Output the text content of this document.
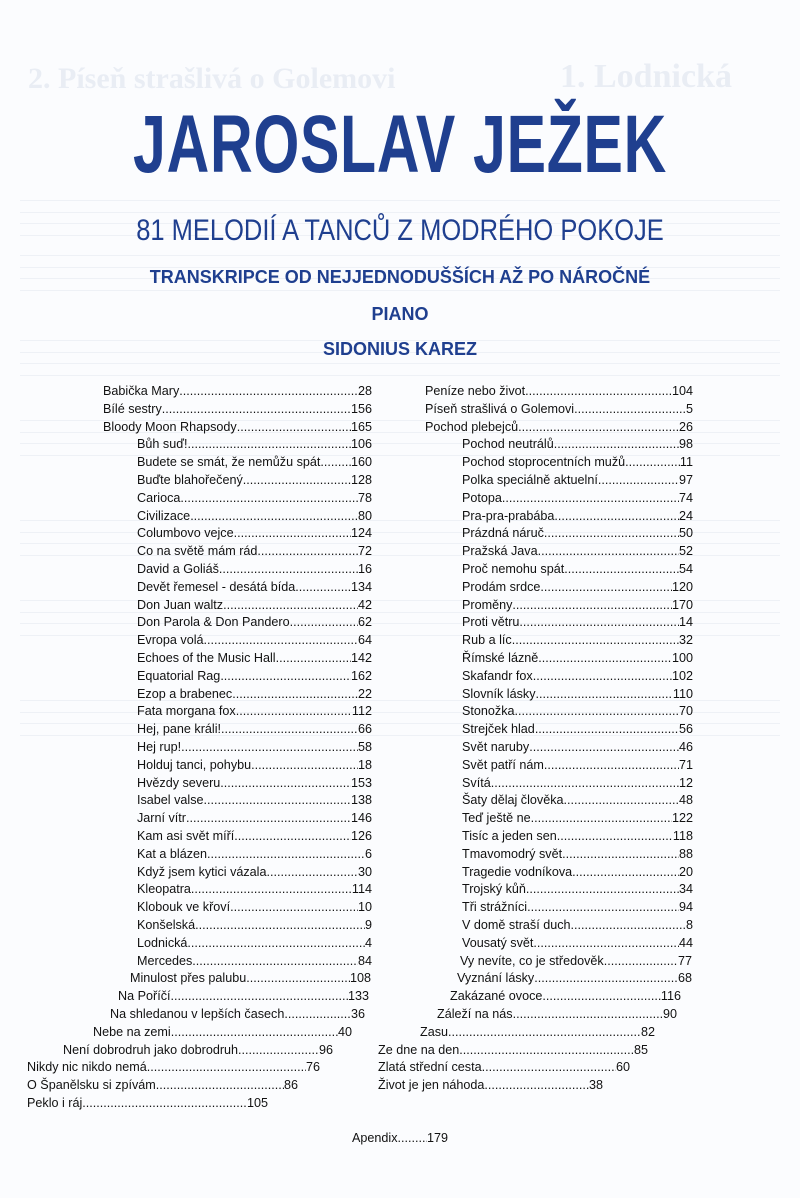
2. Píseň strašlivá o Golemovi	1. Lodnická
JAROSLAV JEŽEK
81 MELODIÍ A TANCŮ Z MODRÉHO POKOJE
TRANSKRIPCE OD NEJJEDNODUŠŠÍCH AŽ PO NÁROČNÉ
PIANO
SIDONIUS KAREZ
Babička Mary .....	28
Bílé sestry .....	156
Bloody Moon Rhapsody .....	165
Bůh suď! .....	106
Budete se smát, že nemůžu spát ..... 160
Buďte blahořečený .....	128
Carioca .....	78
Civilizace .....	80
Columbovo vejce .....	124
Co na světě mám rád .....	72
David a Goliáš .....	16
Devět řemesel - desátá bída .....	134
Don Juan waltz .....	42
Don Parola & Don Pandero .....	62
Evropa volá .....	64
Echoes of the Music Hall .....	142
Equatorial Rag .....	162
Ezop a brabenec .....	22
Fata morgana fox .....	112
Hej, pane králi! .....	66
Hej rup! .....	58
Holduj tanci, pohybu .....	18
Hvězdy severu .....	153
Isabel valse .....	138
Jarní vítr .....	146
Kam asi svět míří .....	126
Kat a blázen .....	6
Když jsem kytici vázala .....	30
Kleopatra .....	114
Klobouk ve křoví .....	10
Konšelská .....	9
Lodnická .....	4
Mercedes .....	84
Minulost přes palubu .....	108
Na Poříčí .....	133
Na shledanou v lepších časech .....	36
Nebe na zemi .....	40
Není dobrodruh jako dobrodruh .....	96
Nikdy nic nikdo nemá .....	76
O Španělsku si zpívám .....	86
Peklo i ráj .....	105
Peníze nebo život .....	104
Píseň strašlivá o Golemovi .....	5
Pochod plebejců .....	26
Pochod neutrálů .....	98
Pochod stoprocentních mužů .....	11
Polka speciálně aktuelní .....	97
Potopa .....	74
Pra-pra-prabába .....	24
Prázdná náruč .....	50
Pražská Java .....	52
Proč nemohu spát .....	54
Prodám srdce .....	120
Proměny .....	170
Proti větru .....	14
Rub a líc .....	32
Římské lázně .....	100
Skafandr fox .....	102
Slovník lásky .....	110
Stonožka .....	70
Strejček hlad .....	56
Svět naruby .....	46
Svět patří nám .....	71
Svítá .....	12
Šaty dělaj člověka .....	48
Teď ještě ne .....	122
Tisíc a jeden sen .....	118
Tmavomodrý svět .....	88
Tragedie vodníkova .....	20
Trojský kůň .....	34
Tři strážníci .....	94
V domě straší duch .....	8
Vousatý svět .....	44
Vy nevíte, co je středověk .....	77
Vyznání lásky .....	68
Zakázané ovoce .....	116
Záleží na nás .....	90
Zasu .....	82
Ze dne na den .....	85
Zlatá střední cesta .....	60
Život je jen náhoda .....	38
Apendix ..... 179
